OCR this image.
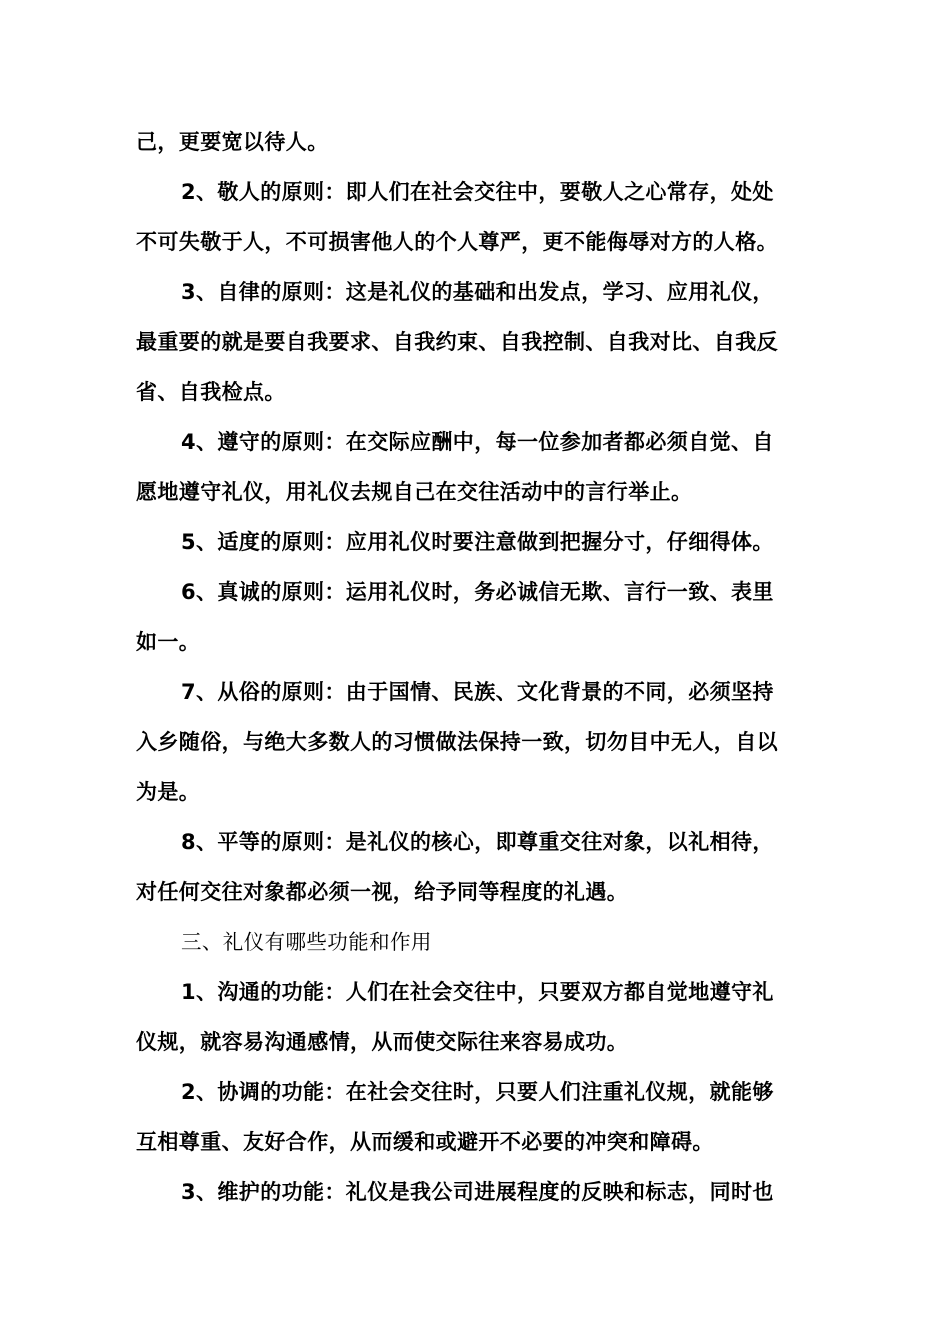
己，更要宽以待人。
2、敬人的原则：即人们在社会交往中，要敬人之心常存，处处
不可失敬于人，不可损害他人的个人尊严，更不能侮辱对方的人格。
3、自律的原则：这是礼仪的基础和出发点，学习、应用礼仪，
最重要的就是要自我要求、自我约束、自我控制、自我对比、自我反
省、自我检点。
4、遵守的原则：在交际应酬中，每一位参加者都必须自觉、自
愿地遵守礼仪，用礼仪去规自己在交往活动中的言行举止。
5、适度的原则：应用礼仪时要注意做到把握分寸，仔细得体。
6、真诚的原则：运用礼仪时，务必诚信无欺、言行一致、表里
如一。
7、从俗的原则：由于国情、民族、文化背景的不同，必须坚持
入乡随俗，与绝大多数人的习惯做法保持一致，切勿目中无人，自以
为是。
8、平等的原则：是礼仪的核心，即尊重交往对象，以礼相待，
对任何交往对象都必须一视，给予同等程度的礼遇。
三、礼仪有哪些功能和作用
1、沟通的功能：人们在社会交往中，只要双方都自觉地遵守礼
仪规，就容易沟通感情，从而使交际往来容易成功。
2、协调的功能：在社会交往时，只要人们注重礼仪规，就能够
互相尊重、友好合作，从而缓和或避开不必要的冲突和障碍。
3、维护的功能：礼仪是我公司进展程度的反映和标志，同时也
